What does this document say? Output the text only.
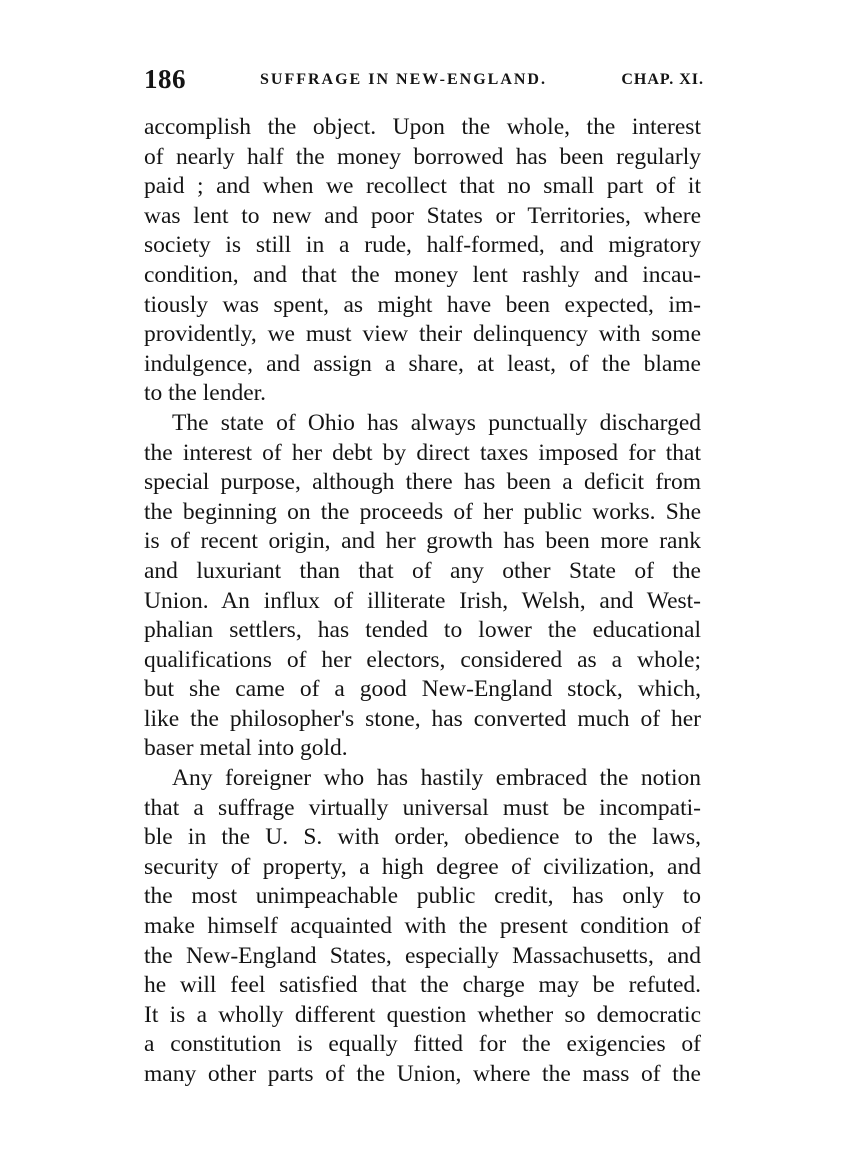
186	SUFFRAGE IN NEW-ENGLAND.	CHAP. XI.
accomplish the object. Upon the whole, the interest
of nearly half the money borrowed has been regularly
paid ; and when we recollect that no small part of it
was lent to new and poor States or Territories, where
society is still in a rude, half-formed, and migratory
condition, and that the money lent rashly and incau-
tiously was spent, as might have been expected, im-
providently, we must view their delinquency with some
indulgence, and assign a share, at least, of the blame
to the lender.
The state of Ohio has always punctually discharged
the interest of her debt by direct taxes imposed for that
special purpose, although there has been a deficit from
the beginning on the proceeds of her public works. She
is of recent origin, and her growth has been more rank
and luxuriant than that of any other State of the
Union. An influx of illiterate Irish, Welsh, and West-
phalian settlers, has tended to lower the educational
qualifications of her electors, considered as a whole;
but she came of a good New-England stock, which,
like the philosopher's stone, has converted much of her
baser metal into gold.
Any foreigner who has hastily embraced the notion
that a suffrage virtually universal must be incompati-
ble in the U. S. with order, obedience to the laws,
security of property, a high degree of civilization, and
the most unimpeachable public credit, has only to
make himself acquainted with the present condition of
the New-England States, especially Massachusetts, and
he will feel satisfied that the charge may be refuted.
It is a wholly different question whether so democratic
a constitution is equally fitted for the exigencies of
many other parts of the Union, where the mass of the
